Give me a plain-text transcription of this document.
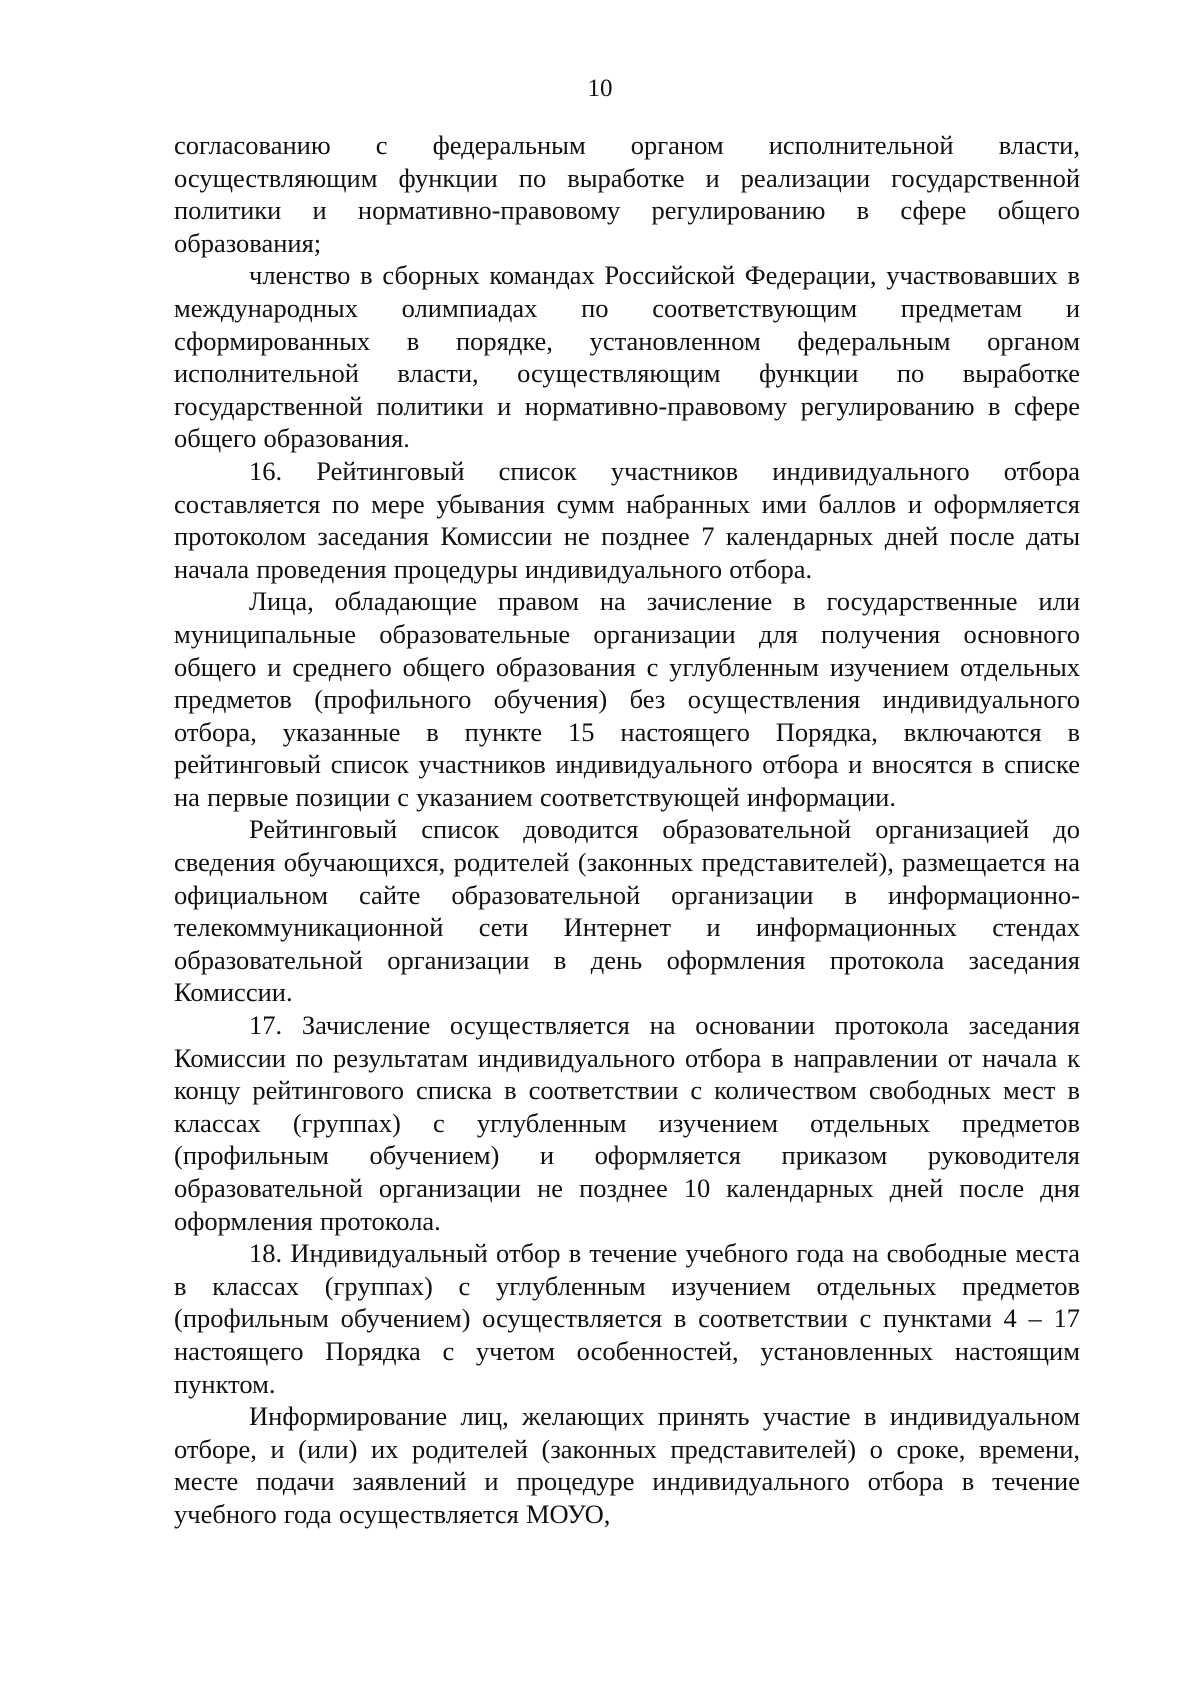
10

согласованию с федеральным органом исполнительной власти, осуществляющим функции по выработке и реализации государственной политики и нормативно-правовому регулированию в сфере общего образования;

членство в сборных командах Российской Федерации, участвовавших в международных олимпиадах по соответствующим предметам и сформированных в порядке, установленном федеральным органом исполнительной власти, осуществляющим функции по выработке государственной политики и нормативно-правовому регулированию в сфере общего образования.

16. Рейтинговый список участников индивидуального отбора составляется по мере убывания сумм набранных ими баллов и оформляется протоколом заседания Комиссии не позднее 7 календарных дней после даты начала проведения процедуры индивидуального отбора.

Лица, обладающие правом на зачисление в государственные или муниципальные образовательные организации для получения основного общего и среднего общего образования с углубленным изучением отдельных предметов (профильного обучения) без осуществления индивидуального отбора, указанные в пункте 15 настоящего Порядка, включаются в рейтинговый список участников индивидуального отбора и вносятся в списке на первые позиции с указанием соответствующей информации.

Рейтинговый список доводится образовательной организацией до сведения обучающихся, родителей (законных представителей), размещается на официальном сайте образовательной организации в информационно-телекоммуникационной сети Интернет и информационных стендах образовательной организации в день оформления протокола заседания Комиссии.

17. Зачисление осуществляется на основании протокола заседания Комиссии по результатам индивидуального отбора в направлении от начала к концу рейтингового списка в соответствии с количеством свободных мест в классах (группах) с углубленным изучением отдельных предметов (профильным обучением) и оформляется приказом руководителя образовательной организации не позднее 10 календарных дней после дня оформления протокола.

18. Индивидуальный отбор в течение учебного года на свободные места в классах (группах) с углубленным изучением отдельных предметов (профильным обучением) осуществляется в соответствии с пунктами 4 – 17 настоящего Порядка с учетом особенностей, установленных настоящим пунктом.

Информирование лиц, желающих принять участие в индивидуальном отборе, и (или) их родителей (законных представителей) о сроке, времени, месте подачи заявлений и процедуре индивидуального отбора в течение учебного года осуществляется МОУО,
